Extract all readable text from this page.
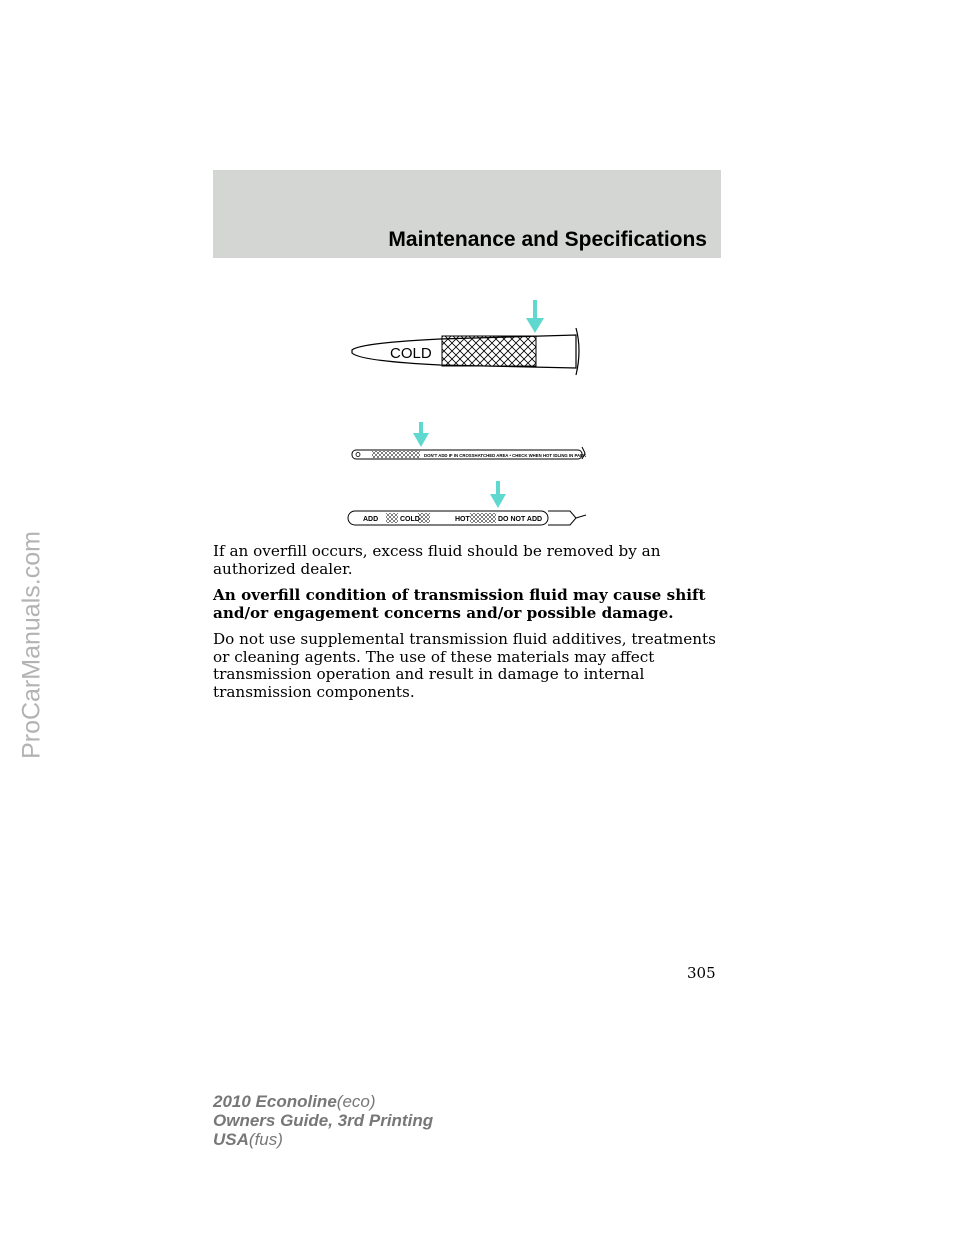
Maintenance and Specifications
COLD
DON'T ADD IF IN CROSSHATCHED AREA • CHECK WHEN HOT IDLING IN PARK
ADD	COLD	HOT	DO NOT ADD

If an overfill occurs, excess fluid should be removed by an authorized dealer.

An overfill condition of transmission fluid may cause shift and/or engagement concerns and/or possible damage.

Do not use supplemental transmission fluid additives, treatments or cleaning agents. The use of these materials may affect transmission operation and result in damage to internal transmission components.

305
2010 Econoline(eco)
Owners Guide, 3rd Printing
USA(fus)
ProCarManuals.com
